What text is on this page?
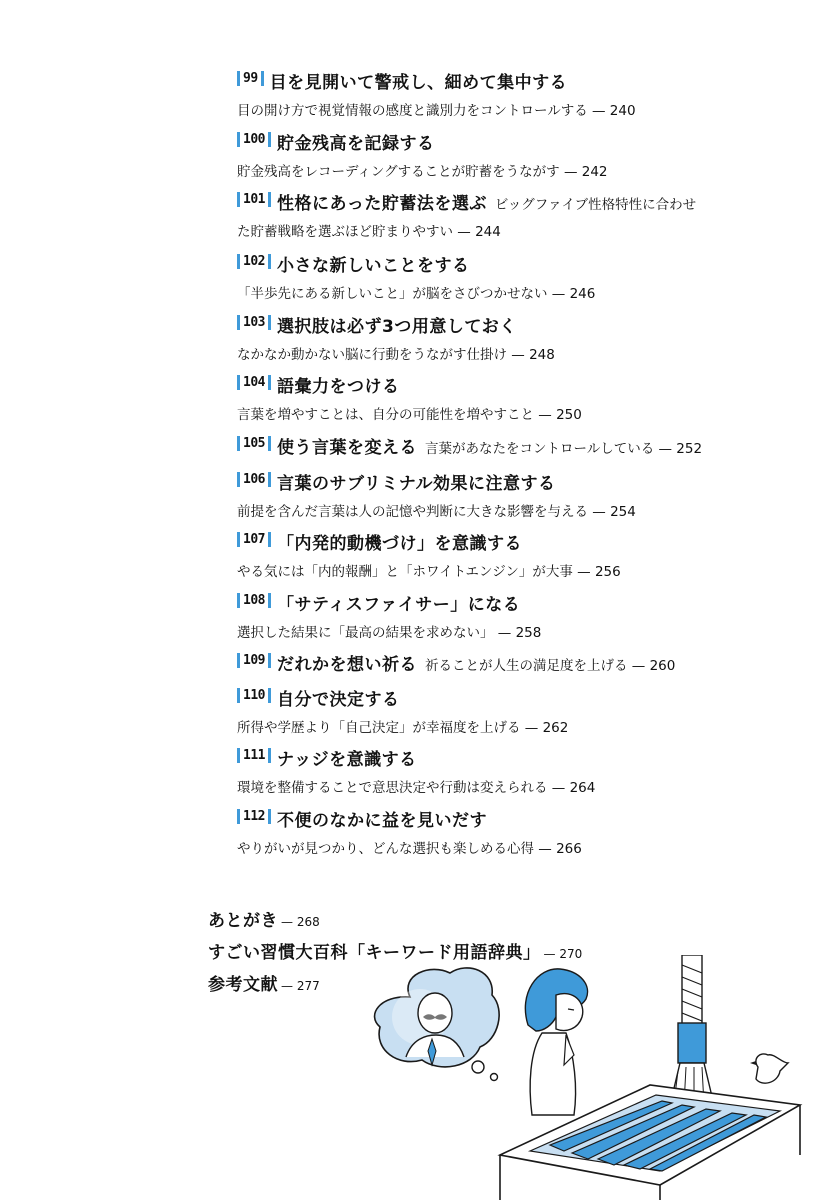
99 目を見開いて警戒し、細めて集中する
目の開け方で視覚情報の感度と識別力をコントロールする — 240
100 貯金残高を記録する
貯金残高をレコーディングすることが貯蓄をうながす — 242
101 性格にあった貯蓄法を選ぶ ビッグファイブ性格特性に合わせ
た貯蓄戦略を選ぶほど貯まりやすい — 244
102 小さな新しいことをする
「半歩先にある新しいこと」が脳をさびつかせない — 246
103 選択肢は必ず3つ用意しておく
なかなか動かない脳に行動をうながす仕掛け — 248
104 語彙力をつける
言葉を増やすことは、自分の可能性を増やすこと — 250
105 使う言葉を変える 言葉があなたをコントロールしている — 252
106 言葉のサブリミナル効果に注意する
前提を含んだ言葉は人の記憶や判断に大きな影響を与える — 254
107 「内発的動機づけ」を意識する
やる気には「内的報酬」と「ホワイトエンジン」が大事 — 256
108 「サティスファイサー」になる
選択した結果に「最高の結果を求めない」 — 258
109 だれかを想い祈る 祈ることが人生の満足度を上げる — 260
110 自分で決定する
所得や学歴より「自己決定」が幸福度を上げる — 262
111 ナッジを意識する
環境を整備することで意思決定や行動は変えられる — 264
112 不便のなかに益を見いだす
やりがいが見つかり、どんな選択も楽しめる心得 — 266
あとがき — 268
すごい習慣大百科「キーワード用語辞典」 — 270
参考文献 — 277
